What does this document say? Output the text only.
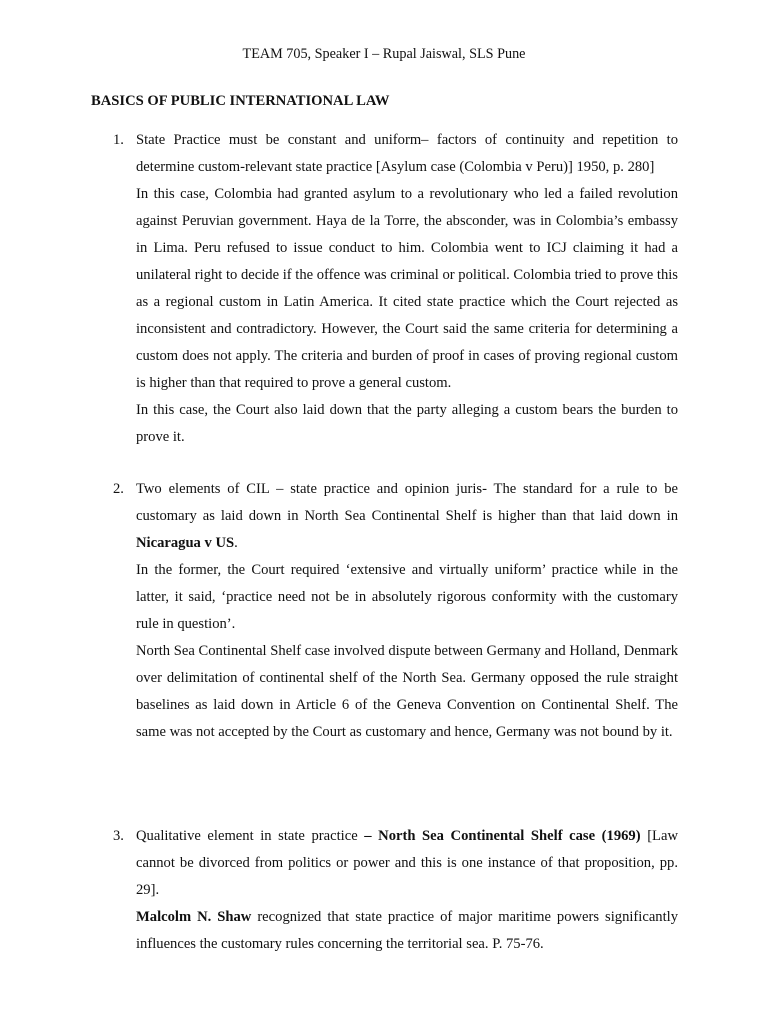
TEAM 705, Speaker I – Rupal Jaiswal, SLS Pune
BASICS OF PUBLIC INTERNATIONAL LAW
1. State Practice must be constant and uniform– factors of continuity and repetition to determine custom-relevant state practice [Asylum case (Colombia v Peru)] 1950, p. 280]

In this case, Colombia had granted asylum to a revolutionary who led a failed revolution against Peruvian government. Haya de la Torre, the absconder, was in Colombia’s embassy in Lima. Peru refused to issue conduct to him. Colombia went to ICJ claiming it had a unilateral right to decide if the offence was criminal or political. Colombia tried to prove this as a regional custom in Latin America. It cited state practice which the Court rejected as inconsistent and contradictory. However, the Court said the same criteria for determining a custom does not apply. The criteria and burden of proof in cases of proving regional custom is higher than that required to prove a general custom.

In this case, the Court also laid down that the party alleging a custom bears the burden to prove it.

2. Two elements of CIL – state practice and opinion juris- The standard for a rule to be customary as laid down in North Sea Continental Shelf is higher than that laid down in Nicaragua v US.

In the former, the Court required ‘extensive and virtually uniform’ practice while in the latter, it said, ‘practice need not be in absolutely rigorous conformity with the customary rule in question’.

North Sea Continental Shelf case involved dispute between Germany and Holland, Denmark over delimitation of continental shelf of the North Sea. Germany opposed the rule straight baselines as laid down in Article 6 of the Geneva Convention on Continental Shelf. The same was not accepted by the Court as customary and hence, Germany was not bound by it.

3. Qualitative element in state practice – North Sea Continental Shelf case (1969) [Law cannot be divorced from politics or power and this is one instance of that proposition, pp. 29].

Malcolm N. Shaw recognized that state practice of major maritime powers significantly influences the customary rules concerning the territorial sea. P. 75-76.
